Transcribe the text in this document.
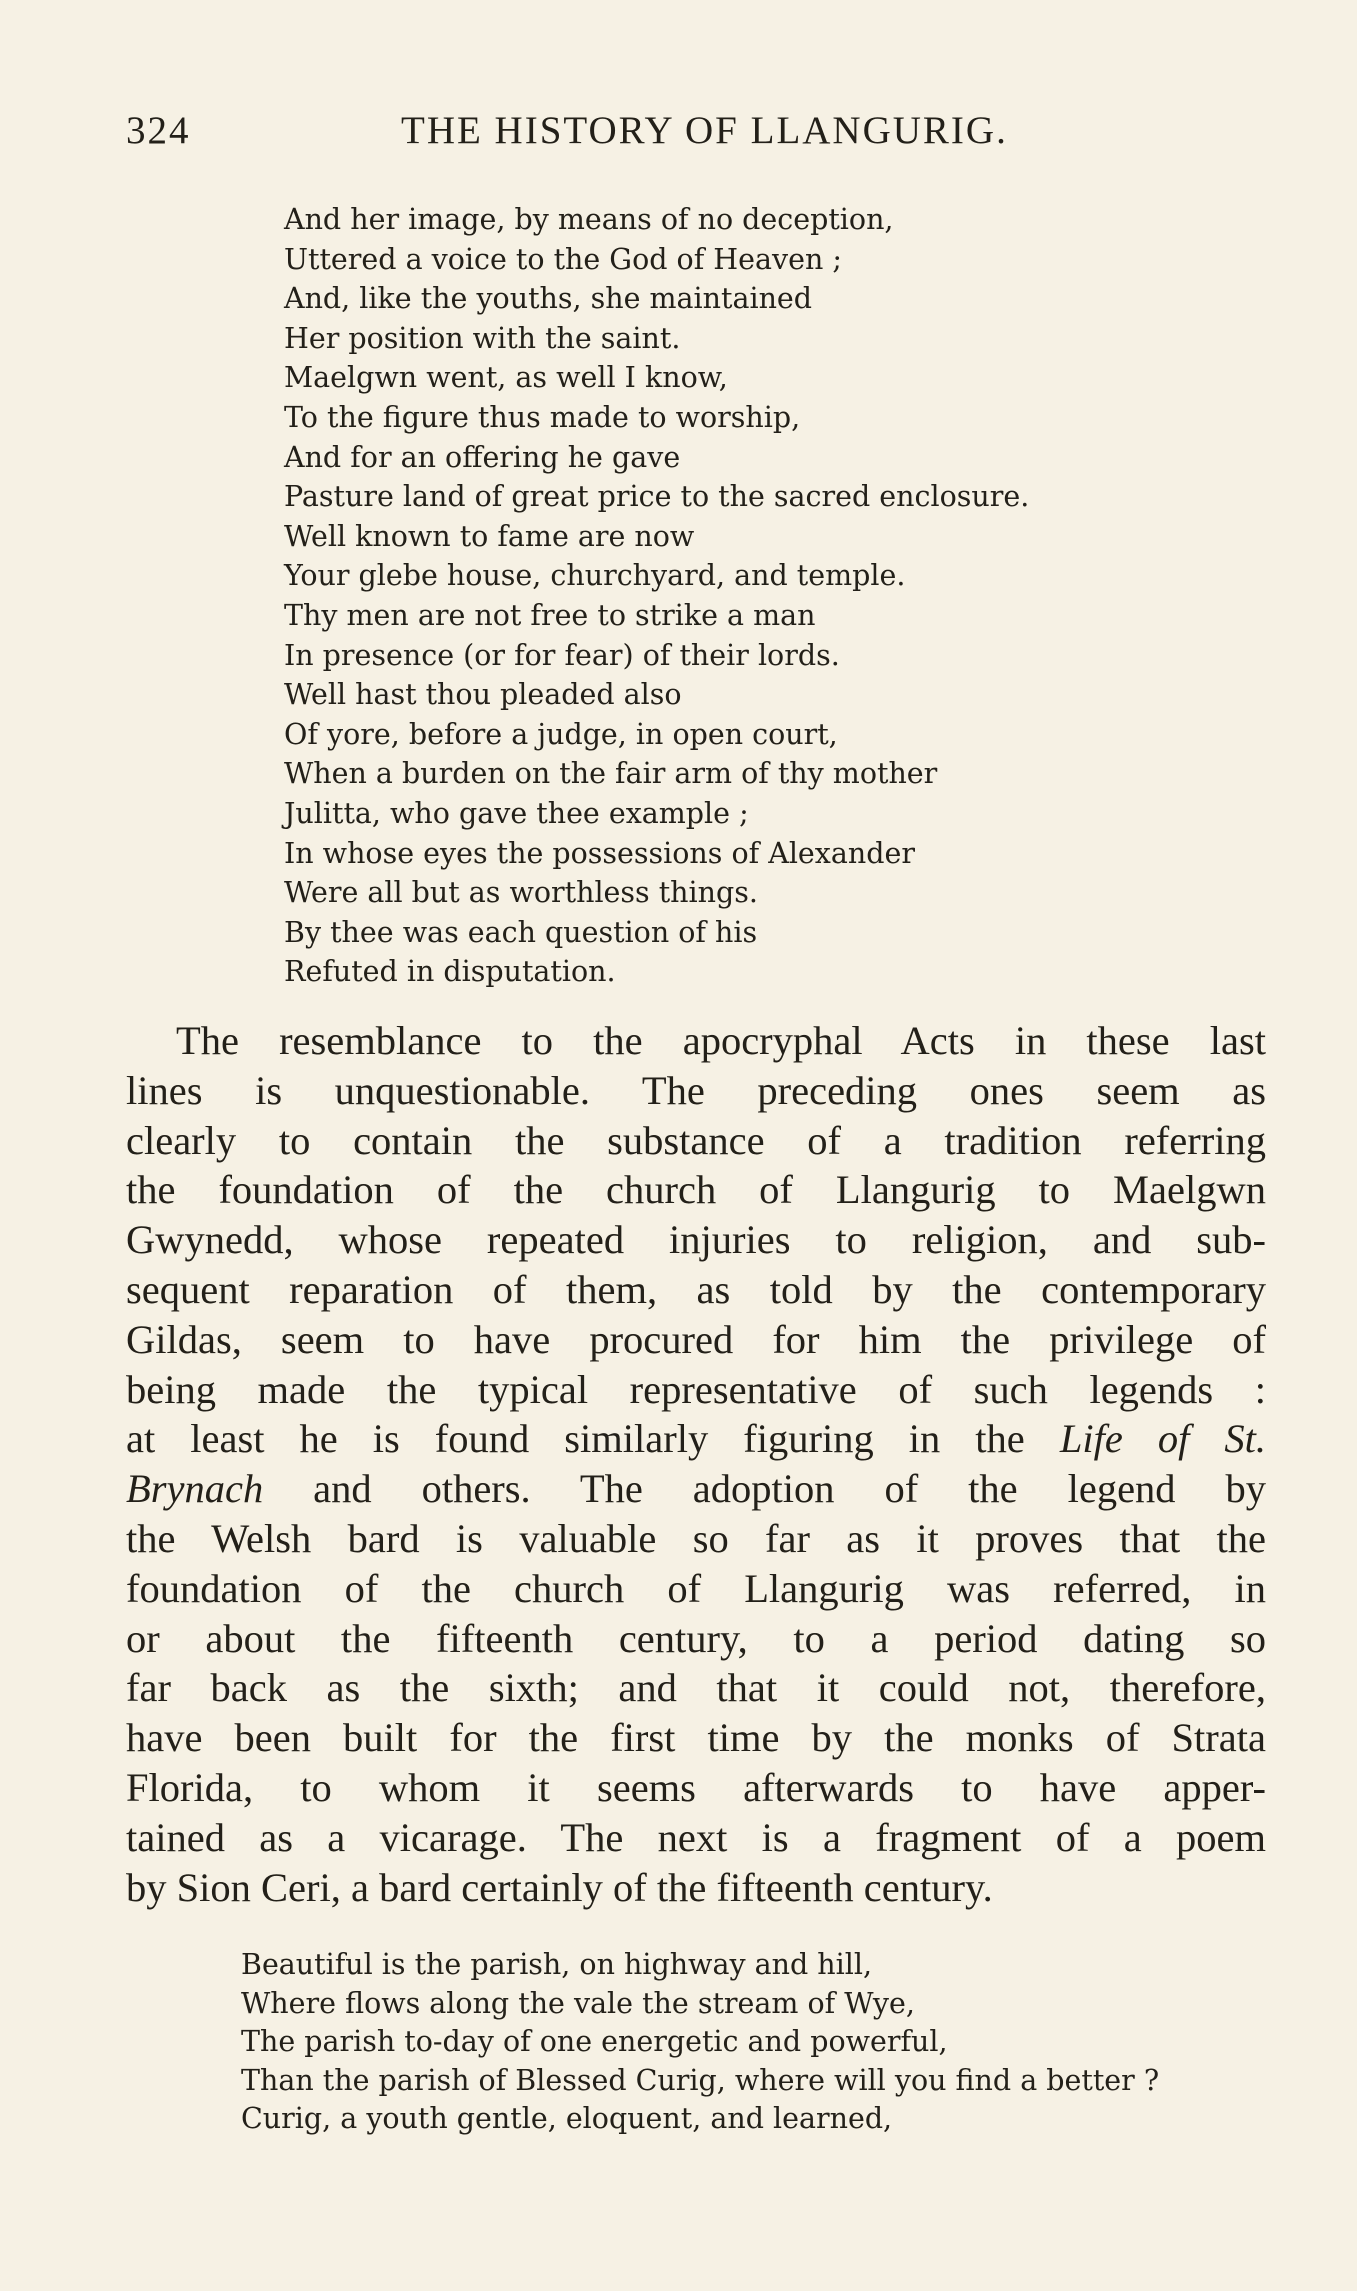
324	THE HISTORY OF LLANGURIG.
And her image, by means of no deception,
Uttered a voice to the God of Heaven ;
And, like the youths, she maintained
Her position with the saint.
Maelgwn went, as well I know,
To the figure thus made to worship,
And for an offering he gave
Pasture land of great price to the sacred enclosure.
Well known to fame are now
Your glebe house, churchyard, and temple.
Thy men are not free to strike a man
In presence (or for fear) of their lords.
Well hast thou pleaded also
Of yore, before a judge, in open court,
When a burden on the fair arm of thy mother
Julitta, who gave thee example ;
In whose eyes the possessions of Alexander
Were all but as worthless things.
By thee was each question of his
Refuted in disputation.
The resemblance to the apocryphal Acts in these last
lines is unquestionable. The preceding ones seem as
clearly to contain the substance of a tradition referring
the foundation of the church of Llangurig to Maelgwn
Gwynedd, whose repeated injuries to religion, and sub-
sequent reparation of them, as told by the contemporary
Gildas, seem to have procured for him the privilege of
being made the typical representative of such legends :
at least he is found similarly figuring in the Life of St.
Brynach and others. The adoption of the legend by
the Welsh bard is valuable so far as it proves that the
foundation of the church of Llangurig was referred, in
or about the fifteenth century, to a period dating so
far back as the sixth; and that it could not, therefore,
have been built for the first time by the monks of Strata
Florida, to whom it seems afterwards to have apper-
tained as a vicarage. The next is a fragment of a poem
by Sion Ceri, a bard certainly of the fifteenth century.
Beautiful is the parish, on highway and hill,
Where flows along the vale the stream of Wye,
The parish to-day of one energetic and powerful,
Than the parish of Blessed Curig, where will you find a better ?
Curig, a youth gentle, eloquent, and learned,
